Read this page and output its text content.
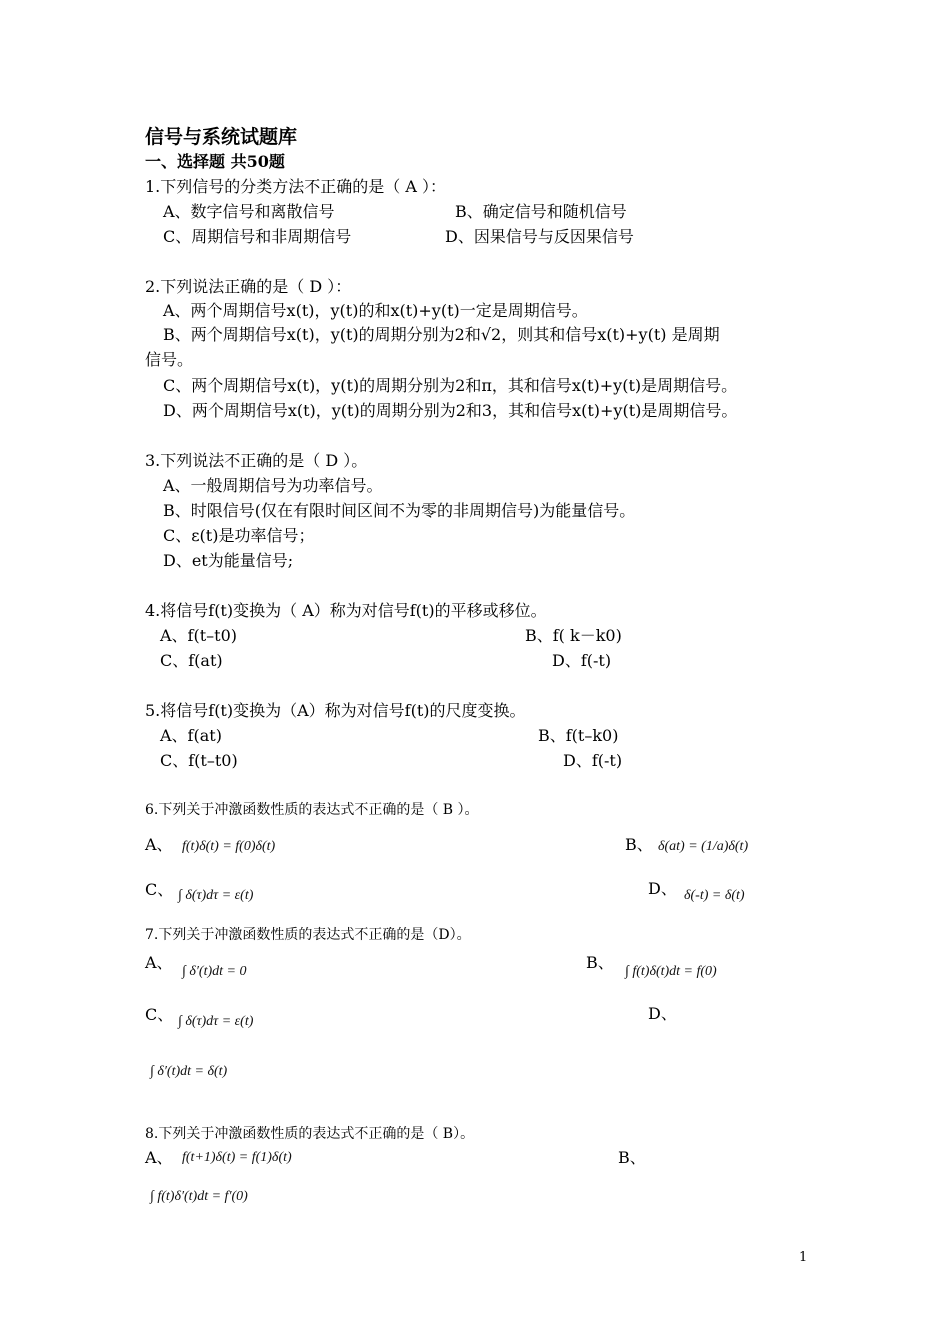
信号与系统试题库
一、选择题 共50题
1.下列信号的分类方法不正确的是（ A ）：
A、数字信号和离散信号	B、确定信号和随机信号
C、周期信号和非周期信号	D、因果信号与反因果信号
2.下列说法正确的是（ D ）：
A、两个周期信号x(t)，y(t)的和x(t)+y(t)一定是周期信号。
B、两个周期信号x(t)，y(t)的周期分别为2和√2，则其和信号x(t)+y(t) 是周期
信号。
C、两个周期信号x(t)，y(t)的周期分别为2和π，其和信号x(t)+y(t)是周期信号。
D、两个周期信号x(t)，y(t)的周期分别为2和3，其和信号x(t)+y(t)是周期信号。
3.下列说法不正确的是（ D ）。
A、一般周期信号为功率信号。
B、时限信号(仅在有限时间区间不为零的非周期信号)为能量信号。
C、ε(t)是功率信号；
D、et为能量信号;
4.将信号f(t)变换为（ A）称为对信号f(t)的平移或移位。
A、f(t–t0)	B、f( k－k0)
C、f(at)	D、f(-t)
5.将信号f(t)变换为（A）称为对信号f(t)的尺度变换。
A、f(at)	B、f(t–k0)
C、f(t–t0)	D、f(-t)
6.下列关于冲激函数性质的表达式不正确的是（ B ）。
A、 f(t)δ(t) = f(0)δ(t)	B、 δ(at) = (1/a)δ(t)
C、 ∫ δ(τ)dτ = ε(t)	D、 δ(-t) = δ(t)
7.下列关于冲激函数性质的表达式不正确的是（D）。
A、 ∫ δ′(t)dt = 0	B、 ∫ f(t)δ(t)dt = f(0)
C、 ∫ δ(τ)dτ = ε(t)	D、
∫ δ′(t)dt = δ(t)
8.下列关于冲激函数性质的表达式不正确的是（ B）。
A、 f(t+1)δ(t) = f(1)δ(t)	B、
∫ f(t)δ′(t)dt = f′(0)
1
